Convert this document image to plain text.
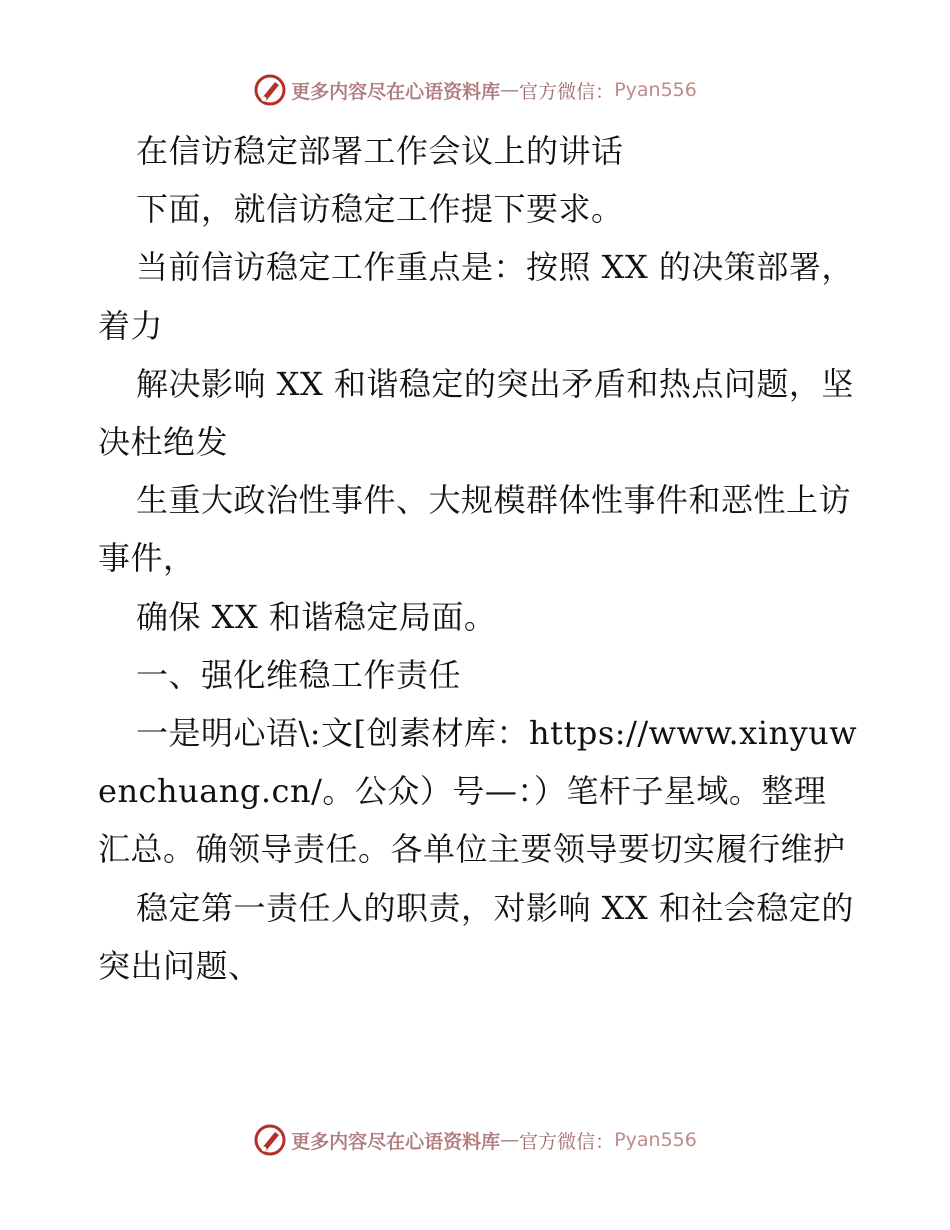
更多内容尽在心语资料库 — 官方微信： Pyan556

在信访稳定部署工作会议上的讲话

下面，就信访稳定工作提下要求。

当前信访稳定工作重点是：按照 XX 的决策部署，着力

解决影响 XX 和谐稳定的突出矛盾和热点问题，坚决杜绝发

生重大政治性事件、大规模群体性事件和恶性上访事件，

确保 XX 和谐稳定局面。

一、强化维稳工作责任

一是明心语\:文[创素材库：https://www.xinyuwenchuang.cn/。公众）号—：）笔杆子星域。整理汇总。确领导责任。各单位主要领导要切实履行维护

稳定第一责任人的职责，对影响 XX 和社会稳定的突出问题、

更多内容尽在心语资料库 — 官方微信： Pyan556
